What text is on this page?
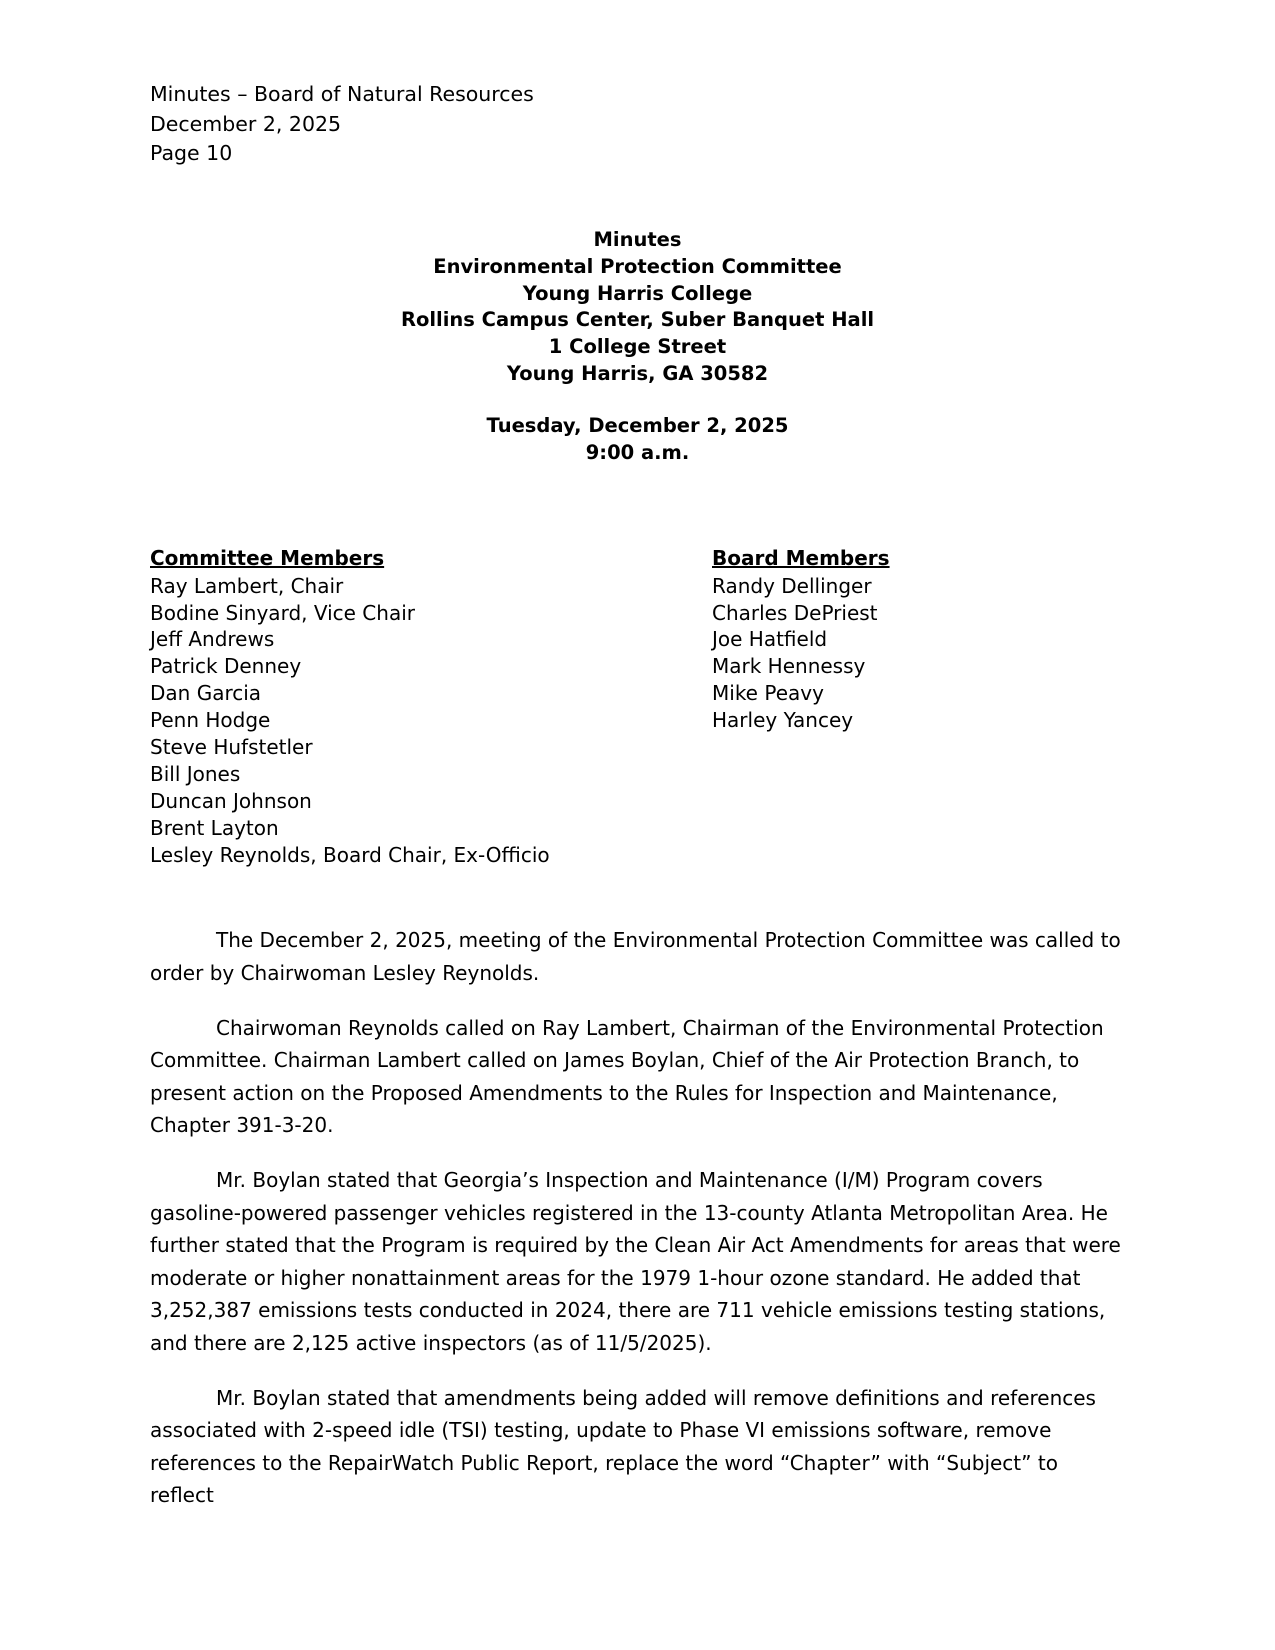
Minutes – Board of Natural Resources
December 2, 2025
Page 10
Minutes
Environmental Protection Committee
Young Harris College
Rollins Campus Center, Suber Banquet Hall
1 College Street
Young Harris, GA 30582
Tuesday, December 2, 2025
9:00 a.m.
Committee Members
Ray Lambert, Chair
Bodine Sinyard, Vice Chair
Jeff Andrews
Patrick Denney
Dan Garcia
Penn Hodge
Steve Hufstetler
Bill Jones
Duncan Johnson
Brent Layton
Lesley Reynolds, Board Chair, Ex-Officio
Board Members
Randy Dellinger
Charles DePriest
Joe Hatfield
Mark Hennessy
Mike Peavy
Harley Yancey

The December 2, 2025, meeting of the Environmental Protection Committee was called to order by Chairwoman Lesley Reynolds.

Chairwoman Reynolds called on Ray Lambert, Chairman of the Environmental Protection Committee. Chairman Lambert called on James Boylan, Chief of the Air Protection Branch, to present action on the Proposed Amendments to the Rules for Inspection and Maintenance, Chapter 391-3-20.

Mr. Boylan stated that Georgia’s Inspection and Maintenance (I/M) Program covers gasoline-powered passenger vehicles registered in the 13-county Atlanta Metropolitan Area. He further stated that the Program is required by the Clean Air Act Amendments for areas that were moderate or higher nonattainment areas for the 1979 1-hour ozone standard. He added that 3,252,387 emissions tests conducted in 2024, there are 711 vehicle emissions testing stations, and there are 2,125 active inspectors (as of 11/5/2025).

Mr. Boylan stated that amendments being added will remove definitions and references associated with 2-speed idle (TSI) testing, update to Phase VI emissions software, remove references to the RepairWatch Public Report, replace the word “Chapter” with “Subject” to reflect
